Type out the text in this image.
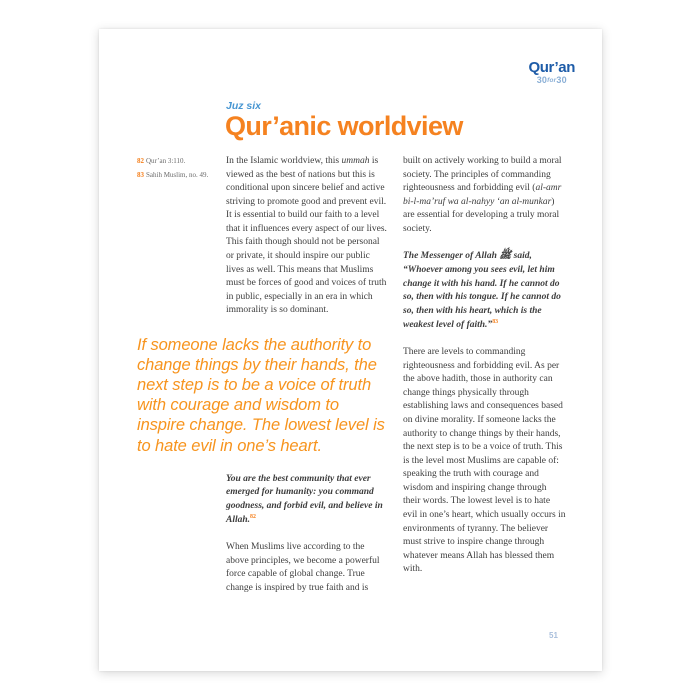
Qur’an
30for30
Juz six
Qur’anic worldview
82 Qur’an 3:110.
83 Sahih Muslim, no. 49.

In the Islamic worldview, this ummah is viewed as the best of nations but this is conditional upon sincere belief and active striving to promote good and prevent evil. It is essential to build our faith to a level that it influences every aspect of our lives. This faith though should not be personal or private, it should inspire our public lives as well. This means that Muslims must be forces of good and voices of truth in public, especially in an era in which immorality is so dominant.

If someone lacks the authority to change things by their hands, the next step is to be a voice of truth with courage and wisdom to inspire change. The lowest level is to hate evil in one’s heart.

You are the best community that ever emerged for humanity: you command goodness, and forbid evil, and believe in Allah.$^{82}$

When Muslims live according to the above principles, we become a powerful force capable of global change. True change is inspired by true faith and is

built on actively working to build a moral society. The principles of commanding righteousness and forbidding evil (al-amr bi-l-ma’ruf wa al-nahyy ‘an al-munkar) are essential for developing a truly moral society.

The Messenger of Allah ﷺ said, “Whoever among you sees evil, let him change it with his hand. If he cannot do so, then with his tongue. If he cannot do so, then with his heart, which is the weakest level of faith.”$^{83}$

There are levels to commanding righteousness and forbidding evil. As per the above hadith, those in authority can change things physically through establishing laws and consequences based on divine morality. If someone lacks the authority to change things by their hands, the next step is to be a voice of truth. This is the level most Muslims are capable of: speaking the truth with courage and wisdom and inspiring change through their words. The lowest level is to hate evil in one’s heart, which usually occurs in environments of tyranny. The believer must strive to inspire change through whatever means Allah has blessed them with.

51
